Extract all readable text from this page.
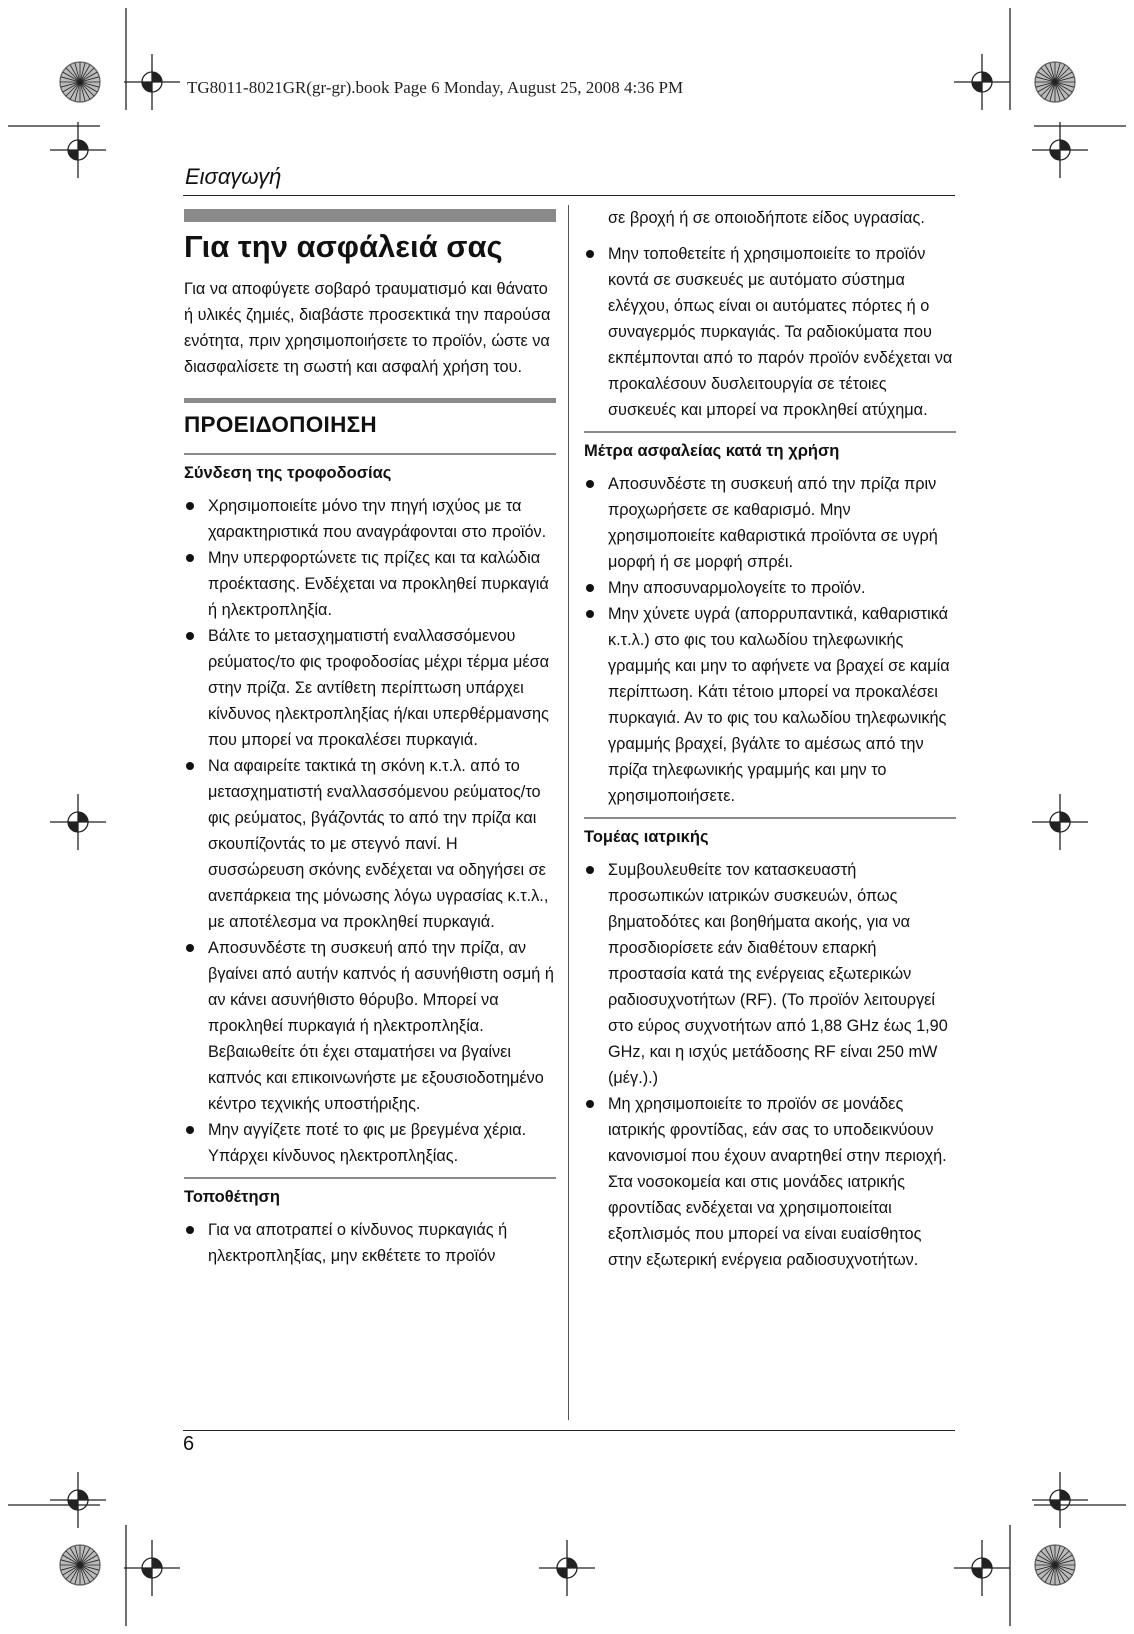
TG8011-8021GR(gr-gr).book Page 6 Monday, August 25, 2008 4:36 PM
Εισαγωγή
Για την ασφάλειά σας

Για να αποφύγετε σοβαρό τραυματισμό και θάνατο ή υλικές ζημιές, διαβάστε προσεκτικά την παρούσα ενότητα, πριν χρησιμοποιήσετε το προϊόν, ώστε να διασφαλίσετε τη σωστή και ασφαλή χρήση του.

ΠΡΟΕΙΔΟΠΟΙΗΣΗ
Σύνδεση της τροφοδοσίας
Χρησιμοποιείτε μόνο την πηγή ισχύος με τα χαρακτηριστικά που αναγράφονται στο προϊόν.
Μην υπερφορτώνετε τις πρίζες και τα καλώδια προέκτασης. Ενδέχεται να προκληθεί πυρκαγιά ή ηλεκτροπληξία.
Βάλτε το μετασχηματιστή εναλλασσόμενου ρεύματος/το φις τροφοδοσίας μέχρι τέρμα μέσα στην πρίζα. Σε αντίθετη περίπτωση υπάρχει κίνδυνος ηλεκτροπληξίας ή/και υπερθέρμανσης που μπορεί να προκαλέσει πυρκαγιά.
Να αφαιρείτε τακτικά τη σκόνη κ.τ.λ. από το μετασχηματιστή εναλλασσόμενου ρεύματος/το φις ρεύματος, βγάζοντάς το από την πρίζα και σκουπίζοντάς το με στεγνό πανί. Η συσσώρευση σκόνης ενδέχεται να οδηγήσει σε ανεπάρκεια της μόνωσης λόγω υγρασίας κ.τ.λ., με αποτέλεσμα να προκληθεί πυρκαγιά.
Αποσυνδέστε τη συσκευή από την πρίζα, αν βγαίνει από αυτήν καπνός ή ασυνήθιστη οσμή ή αν κάνει ασυνήθιστο θόρυβο. Μπορεί να προκληθεί πυρκαγιά ή ηλεκτροπληξία. Βεβαιωθείτε ότι έχει σταματήσει να βγαίνει καπνός και επικοινωνήστε με εξουσιοδοτημένο κέντρο τεχνικής υποστήριξης.
Μην αγγίζετε ποτέ το φις με βρεγμένα χέρια. Υπάρχει κίνδυνος ηλεκτροπληξίας.
Τοποθέτηση
Για να αποτραπεί ο κίνδυνος πυρκαγιάς ή ηλεκτροπληξίας, μην εκθέτετε το προϊόν

σε βροχή ή σε οποιοδήποτε είδος υγρασίας.

Μην τοποθετείτε ή χρησιμοποιείτε το προϊόν κοντά σε συσκευές με αυτόματο σύστημα ελέγχου, όπως είναι οι αυτόματες πόρτες ή ο συναγερμός πυρκαγιάς. Τα ραδιοκύματα που εκπέμπονται από το παρόν προϊόν ενδέχεται να προκαλέσουν δυσλειτουργία σε τέτοιες συσκευές και μπορεί να προκληθεί ατύχημα.
Μέτρα ασφαλείας κατά τη χρήση
Αποσυνδέστε τη συσκευή από την πρίζα πριν προχωρήσετε σε καθαρισμό. Μην χρησιμοποιείτε καθαριστικά προϊόντα σε υγρή μορφή ή σε μορφή σπρέι.
Μην αποσυναρμολογείτε το προϊόν.
Μην χύνετε υγρά (απορρυπαντικά, καθαριστικά κ.τ.λ.) στο φις του καλωδίου τηλεφωνικής γραμμής και μην το αφήνετε να βραχεί σε καμία περίπτωση. Κάτι τέτοιο μπορεί να προκαλέσει πυρκαγιά. Αν το φις του καλωδίου τηλεφωνικής γραμμής βραχεί, βγάλτε το αμέσως από την πρίζα τηλεφωνικής γραμμής και μην το χρησιμοποιήσετε.
Τομέας ιατρικής
Συμβουλευθείτε τον κατασκευαστή προσωπικών ιατρικών συσκευών, όπως βηματοδότες και βοηθήματα ακοής, για να προσδιορίσετε εάν διαθέτουν επαρκή προστασία κατά της ενέργειας εξωτερικών ραδιοσυχνοτήτων (RF). (Το προϊόν λειτουργεί στο εύρος συχνοτήτων από 1,88 GHz έως 1,90 GHz, και η ισχύς μετάδοσης RF είναι 250 mW (μέγ.).)
Μη χρησιμοποιείτε το προϊόν σε μονάδες ιατρικής φροντίδας, εάν σας το υποδεικνύουν κανονισμοί που έχουν αναρτηθεί στην περιοχή. Στα νοσοκομεία και στις μονάδες ιατρικής φροντίδας ενδέχεται να χρησιμοποιείται εξοπλισμός που μπορεί να είναι ευαίσθητος στην εξωτερική ενέργεια ραδιοσυχνοτήτων.
6
